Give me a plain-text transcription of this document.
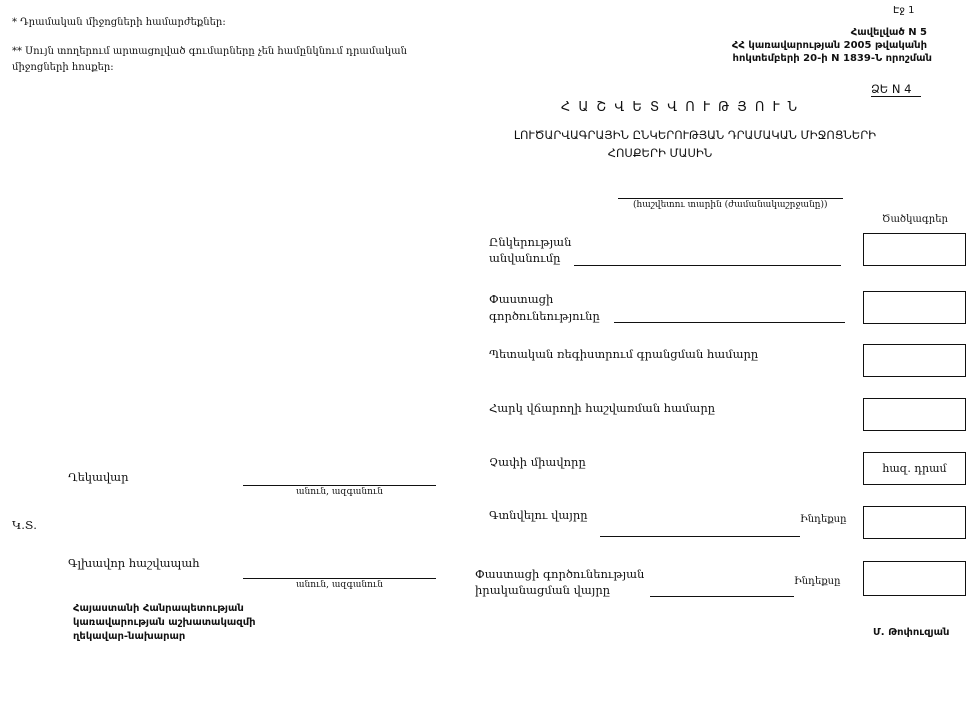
* Դրամական միջոցների համարժեքներ:
** Սույն տողերում արտացոլված գումարները չեն համընկնում դրամական
միջոցների հոսքեր:
Էջ 1
Հավելված N 5
ՀՀ կառավարության 2005 թվականի
հոկտեմբերի 20-ի N 1839-Ն որոշման
ՁԵ N 4
Հ Ա Շ Վ Ե Տ Վ Ո Ւ Թ Յ Ո Ւ Ն
ԼՈՒԾԱՐՎԱԳՐԱՅԻՆ ԸՆԿԵՐՈՒԹՅԱՆ ԴՐԱՄԱԿԱՆ ՄԻՋՈՑՆԵՐԻ
ՀՈՍՔԵՐԻ ՄԱՍԻՆ
(հաշվետու տարին (ժամանակաշրջանը))
Ծածկագրեր
Ընկերության
անվանումը
Փաստացի
գործունեությունը
Պետական ռեգիստրում գրանցման համարը
Հարկ վճարողի հաշվառման համարը
Չափի միավորը	հազ. դրամ
Գտնվելու վայրը	Ինդեքսը
Փաստացի գործունեության
իրականացման վայրը
Ինդեքսը
Ղեկավար
անուն, ազգանուն
Կ.Տ.
Գլխավոր հաշվապահ
անուն, ազգանուն
Հայաստանի Հանրապետության
կառավարության աշխատակազմի
ղեկավար-նախարար	Մ. Թոփուզյան
